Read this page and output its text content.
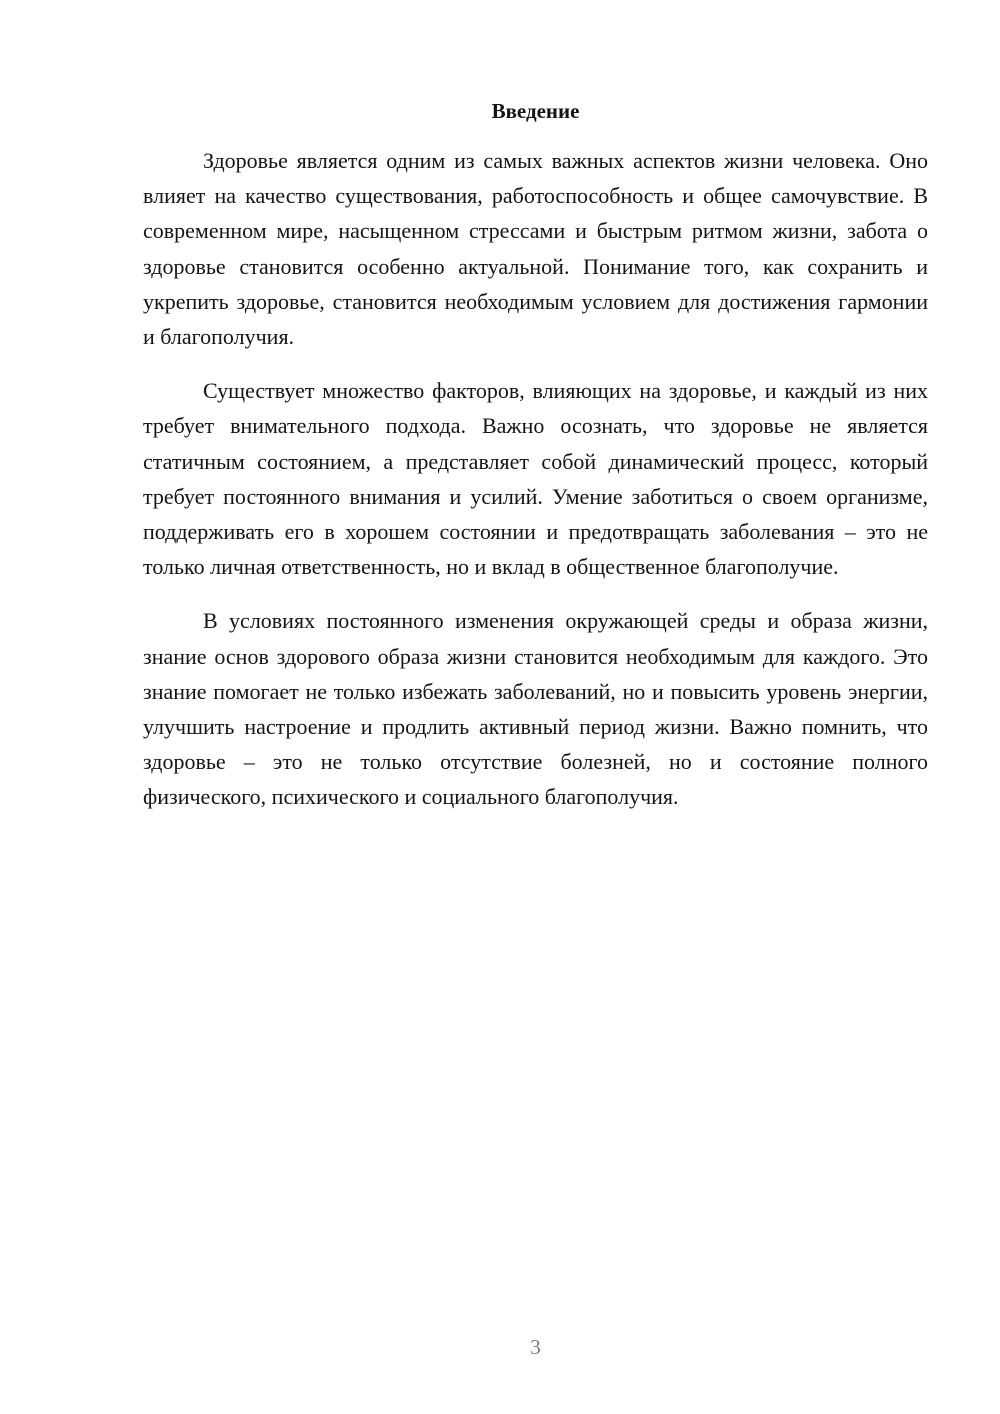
Введение

Здоровье является одним из самых важных аспектов жизни человека. Оно влияет на качество существования, работоспособность и общее самочувствие. В современном мире, насыщенном стрессами и быстрым ритмом жизни, забота о здоровье становится особенно актуальной. Понимание того, как сохранить и укрепить здоровье, становится необходимым условием для достижения гармонии и благополучия.

Существует множество факторов, влияющих на здоровье, и каждый из них требует внимательного подхода. Важно осознать, что здоровье не является статичным состоянием, а представляет собой динамический процесс, который требует постоянного внимания и усилий. Умение заботиться о своем организме, поддерживать его в хорошем состоянии и предотвращать заболевания – это не только личная ответственность, но и вклад в общественное благополучие.

В условиях постоянного изменения окружающей среды и образа жизни, знание основ здорового образа жизни становится необходимым для каждого. Это знание помогает не только избежать заболеваний, но и повысить уровень энергии, улучшить настроение и продлить активный период жизни. Важно помнить, что здоровье – это не только отсутствие болезней, но и состояние полного физического, психического и социального благополучия.

3
